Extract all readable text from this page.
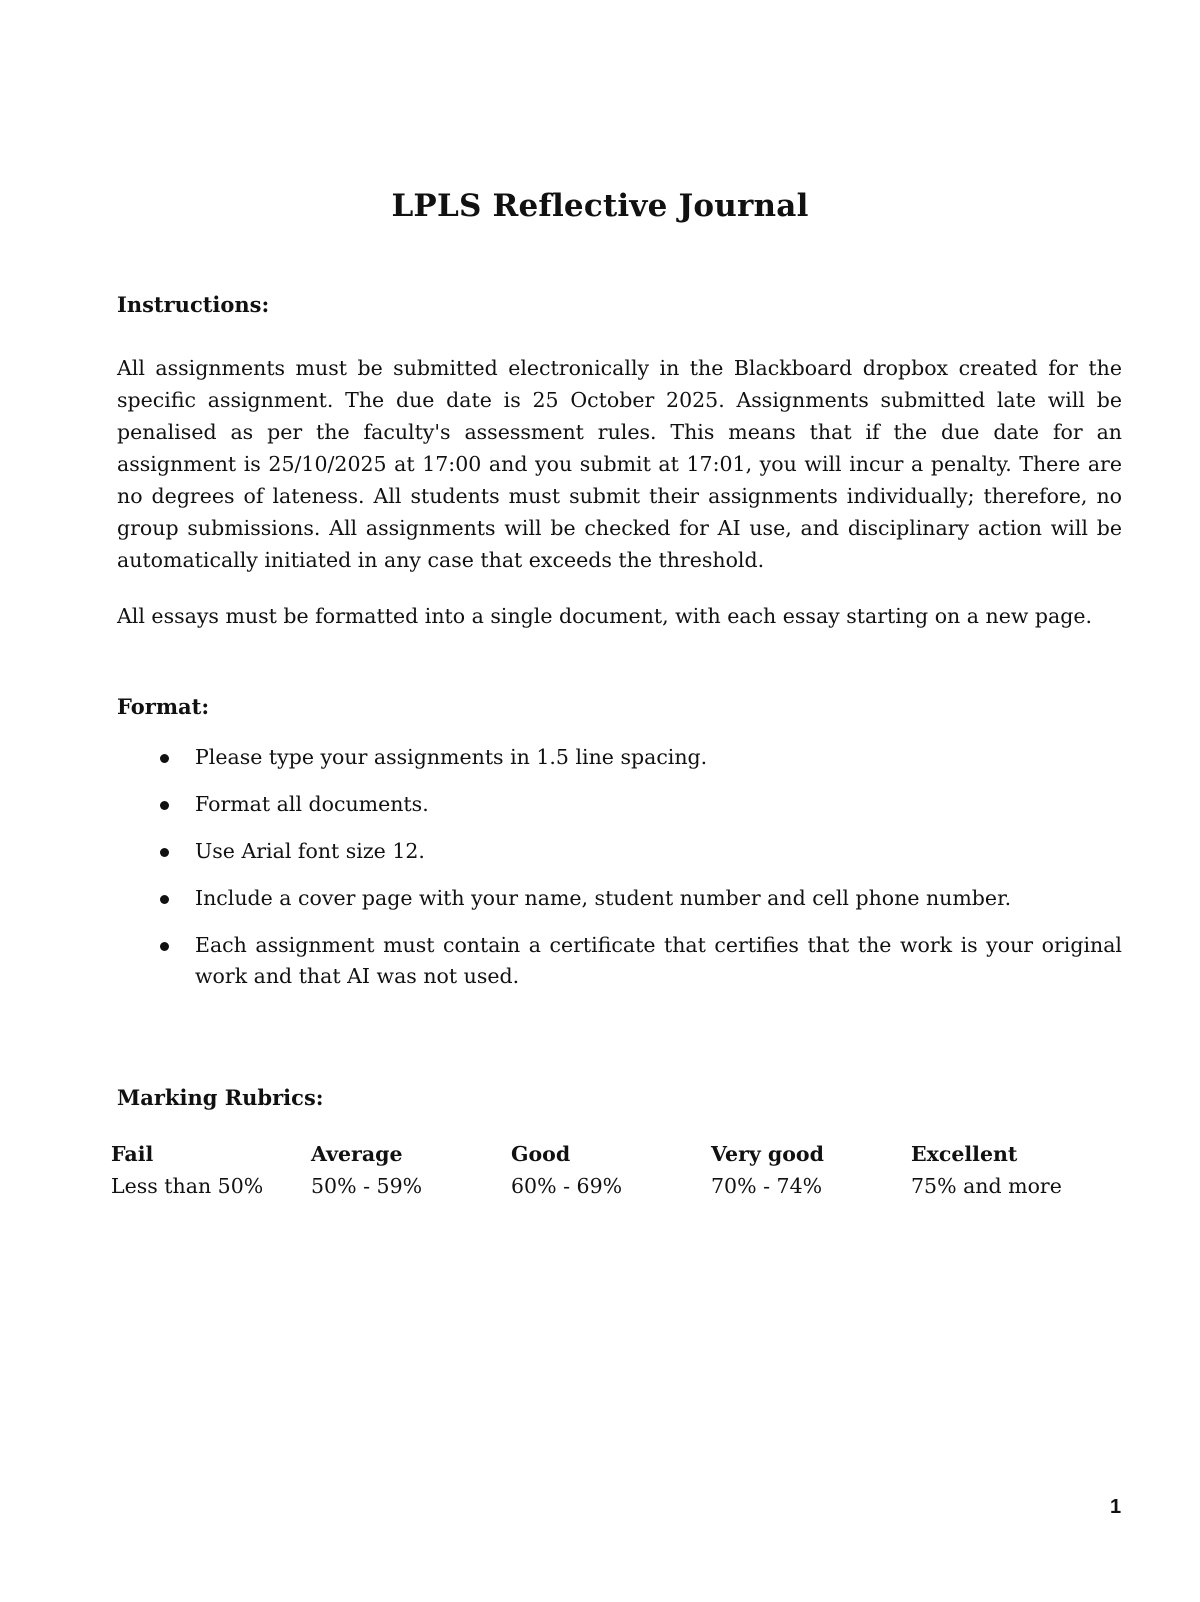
LPLS Reflective Journal
Instructions:

All assignments must be submitted electronically in the Blackboard dropbox created for the specific assignment. The due date is 25 October 2025. Assignments submitted late will be penalised as per the faculty's assessment rules. This means that if the due date for an assignment is 25/10/2025 at 17:00 and you submit at 17:01, you will incur a penalty. There are no degrees of lateness. All students must submit their assignments individually; therefore, no group submissions. All assignments will be checked for AI use, and disciplinary action will be automatically initiated in any case that exceeds the threshold.

All essays must be formatted into a single document, with each essay starting on a new page.

Format:
Please type your assignments in 1.5 line spacing.
Format all documents.
Use Arial font size 12.
Include a cover page with your name, student number and cell phone number.
Each assignment must contain a certificate that certifies that the work is your original work and that AI was not used.
Marking Rubrics:
Fail	Average	Good	Very good	Excellent
Less than 50%	50% - 59%	60% - 69%	70% - 74%	75% and more
1
